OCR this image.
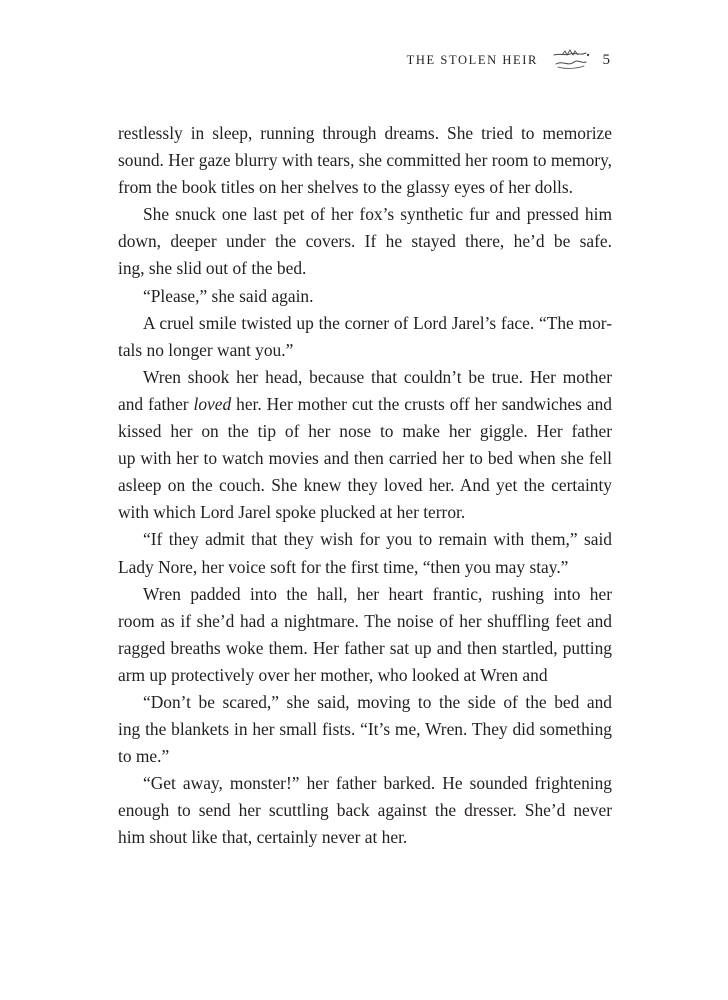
THE STOLEN HEIR	5
restlessly in sleep, running through dreams. She tried to memorize
sound. Her gaze blurry with tears, she committed her room to memory,
from the book titles on her shelves to the glassy eyes of her dolls.
She snuck one last pet of her fox’s synthetic fur and pressed him
down, deeper under the covers. If he stayed there, he’d be safe.
ing, she slid out of the bed.
“Please,” she said again.
A cruel smile twisted up the corner of Lord Jarel’s face. “The mor-
tals no longer want you.”
Wren shook her head, because that couldn’t be true. Her mother
and father loved her. Her mother cut the crusts off her sandwiches and
kissed her on the tip of her nose to make her giggle. Her father
up with her to watch movies and then carried her to bed when she fell
asleep on the couch. She knew they loved her. And yet the certainty
with which Lord Jarel spoke plucked at her terror.
“If they admit that they wish for you to remain with them,” said
Lady Nore, her voice soft for the first time, “then you may stay.”
Wren padded into the hall, her heart frantic, rushing into her
room as if she’d had a nightmare. The noise of her shuffling feet and
ragged breaths woke them. Her father sat up and then startled, putting
arm up protectively over her mother, who looked at Wren and
“Don’t be scared,” she said, moving to the side of the bed and
ing the blankets in her small fists. “It’s me, Wren. They did something
to me.”
“Get away, monster!” her father barked. He sounded frightening
enough to send her scuttling back against the dresser. She’d never
him shout like that, certainly never at her.
